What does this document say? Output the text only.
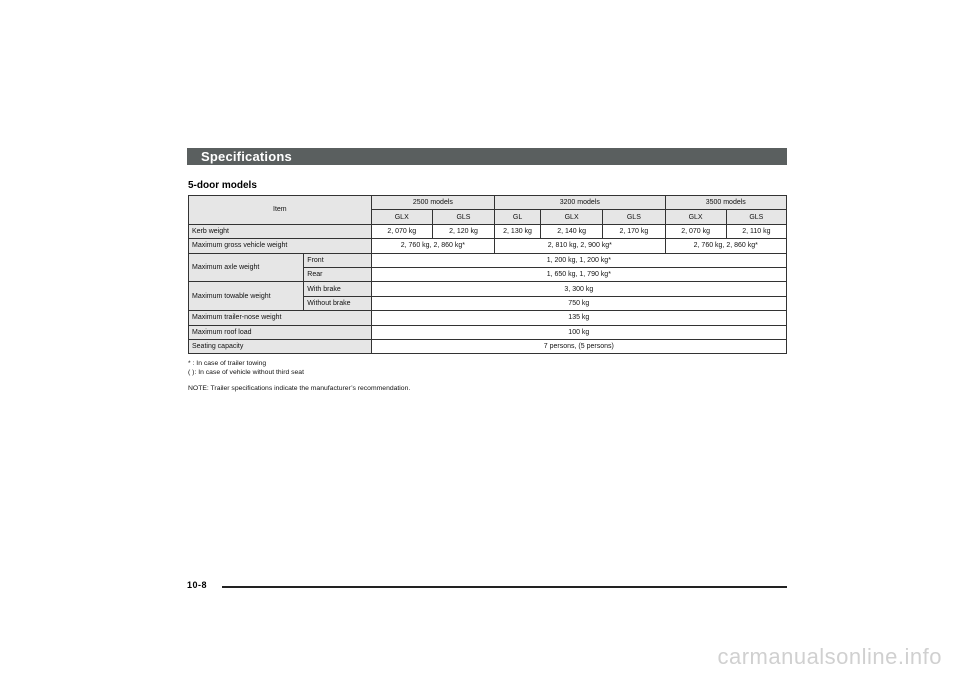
Specifications
5-door models
Item		2500 models		3200 models			3500 models	
		GLX	GLS	GL	GLX	GLS	GLX	GLS
Kerb weight		2, 070 kg	2, 120 kg	2, 130 kg	2, 140 kg	2, 170 kg	2, 070 kg	2, 110 kg
Maximum gross vehicle weight		2, 760 kg, 2, 860 kg*		2, 810 kg, 2, 900 kg*			2, 760 kg, 2, 860 kg*	
Maximum axle weight	Front	1, 200 kg, 1, 200 kg*						
	Rear	1, 650 kg, 1, 790 kg*						
Maximum towable weight	With brake	3, 300 kg						
	Without brake	750 kg						
Maximum trailer-nose weight		135 kg						
Maximum roof load		100 kg						
Seating capacity		7 persons, (5 persons)						
* : In case of trailer towing
( ): In case of vehicle without third seat
NOTE: Trailer specifications indicate the manufacturer’s recommendation.
10-8
carmanualsonline.info
